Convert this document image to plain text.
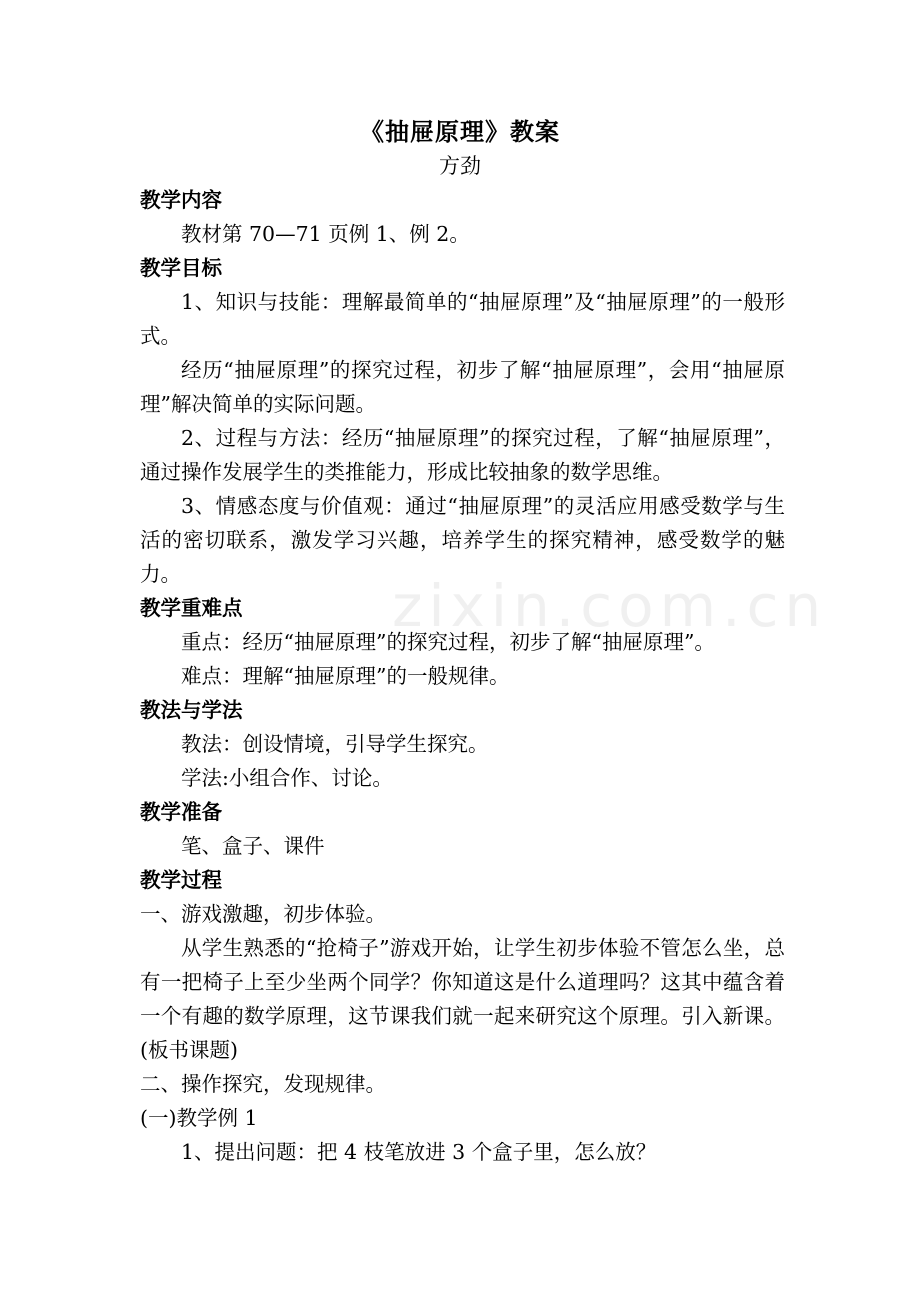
《抽屉原理》教案
方劲
教学内容
教材第 70—71 页例 1、例 2。
教学目标
1、知识与技能：理解最简单的“抽屉原理”及“抽屉原理”的一般形式。
经历“抽屉原理”的探究过程，初步了解“抽屉原理”，会用“抽屉原理”解决简单的实际问题。
2、过程与方法：经历“抽屉原理”的探究过程，了解“抽屉原理”，通过操作发展学生的类推能力，形成比较抽象的数学思维。
3、情感态度与价值观：通过“抽屉原理”的灵活应用感受数学与生活的密切联系，激发学习兴趣，培养学生的探究精神，感受数学的魅力。
教学重难点
重点：经历“抽屉原理”的探究过程，初步了解“抽屉原理”。
难点：理解“抽屉原理”的一般规律。
教法与学法
教法：创设情境，引导学生探究。
学法:小组合作、讨论。
教学准备
笔、盒子、课件
教学过程
一、游戏激趣，初步体验。
从学生熟悉的“抢椅子”游戏开始，让学生初步体验不管怎么坐，总有一把椅子上至少坐两个同学？你知道这是什么道理吗？这其中蕴含着一个有趣的数学原理，这节课我们就一起来研究这个原理。引入新课。(板书课题)
二、操作探究，发现规律。
(一)教学例 1
1、提出问题：把 4 枝笔放进 3 个盒子里，怎么放？
zixin.com.cn
